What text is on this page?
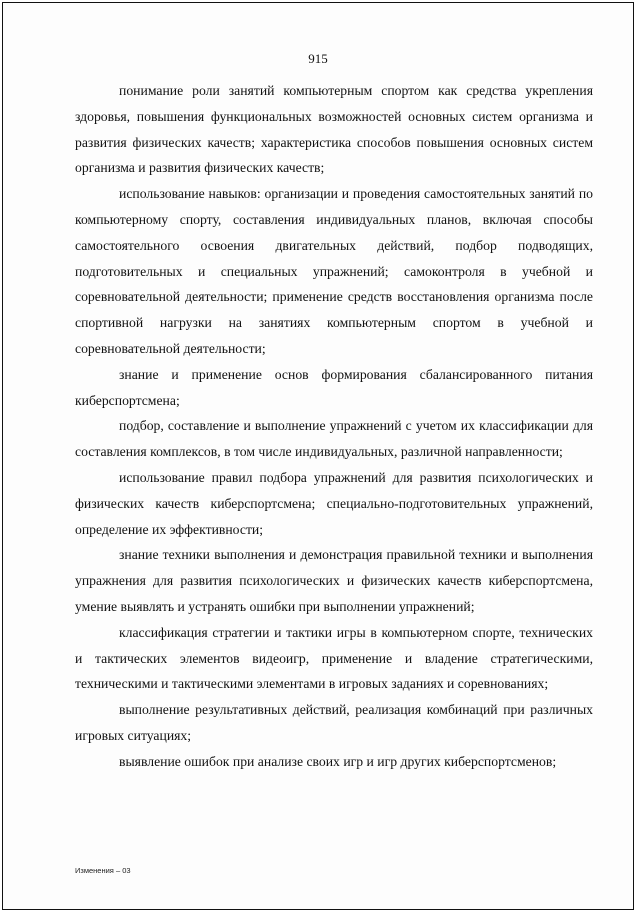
915

понимание роли занятий компьютерным спортом как средства укрепления здоровья, повышения функциональных возможностей основных систем организма и развития физических качеств; характеристика способов повышения основных систем организма и развития физических качеств;

использование навыков: организации и проведения самостоятельных занятий по компьютерному спорту, составления индивидуальных планов, включая способы самостоятельного освоения двигательных действий, подбор подводящих, подготовительных и специальных упражнений; самоконтроля в учебной и соревновательной деятельности; применение средств восстановления организма после спортивной нагрузки на занятиях компьютерным спортом в учебной и соревновательной деятельности;

знание и применение основ формирования сбалансированного питания киберспортсмена;

подбор, составление и выполнение упражнений с учетом их классификации для составления комплексов, в том числе индивидуальных, различной направленности;

использование правил подбора упражнений для развития психологических и физических качеств киберспортсмена; специально-подготовительных упражнений, определение их эффективности;

знание техники выполнения и демонстрация правильной техники и выполнения упражнения для развития психологических и физических качеств киберспортсмена, умение выявлять и устранять ошибки при выполнении упражнений;

классификация стратегии и тактики игры в компьютерном спорте, технических и тактических элементов видеоигр, применение и владение стратегическими, техническими и тактическими элементами в игровых заданиях и соревнованиях;

выполнение результативных действий, реализация комбинаций при различных игровых ситуациях;

выявление ошибок при анализе своих игр и игр других киберспортсменов;

Изменения – 03
